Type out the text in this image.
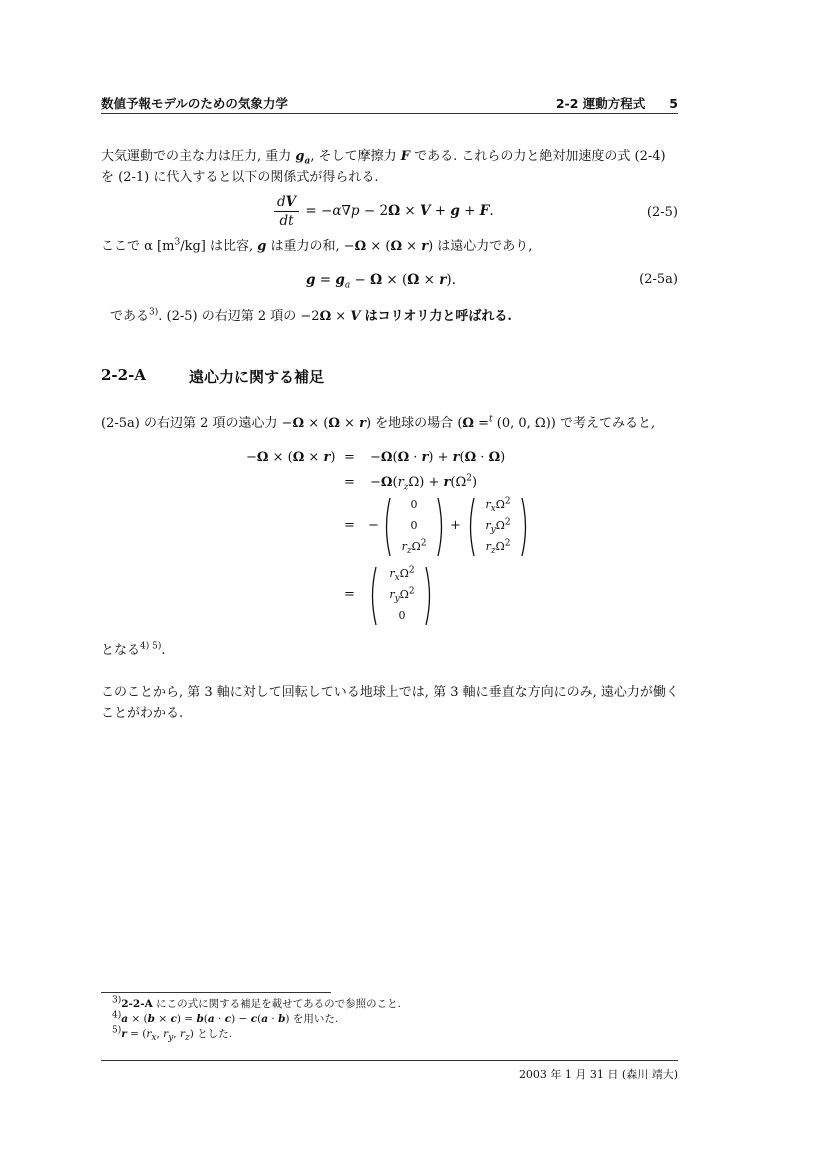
数値予報モデルのための気象力学	2-2 運動方程式 5
大気運動での主な力は圧力, 重力 $g_a$, そして摩擦力 F である. これらの力と絶対加速度の式 (2-4)
を (2-1) に代入すると以下の関係式が得られる.
$\frac{dV}{dt} = -\alpha\nabla p - 2\Omega \times V + g + F$.	(2-5)
ここで α $[m^3/kg]$ は比容, g は重力の和, −Ω × (Ω × r) は遠心力であり,
$g = g_a - \Omega \times (\Omega \times r)$.	(2-5a)
である$^{3)}$. (2-5) の右辺第 2 項の −2Ω × V はコリオリ力と呼ばれる.
2-2-A	遠心力に関する補足
(2-5a) の右辺第 2 項の遠心力 −Ω × (Ω × r) を地球の場合 (Ω =$^t$ (0, 0, Ω)) で考えてみると,
−Ω × (Ω × r) = −Ω(Ω · r) + r(Ω · Ω)
= $-\Omega(r_z\Omega) + r(\Omega^2)$
= −
0
0
$r_z\Omega^2$
+
$r_x\Omega^2$
$r_y\Omega^2$
$r_z\Omega^2$
=
$r_x\Omega^2$
$r_y\Omega^2$
0
となる$^{4) 5)}$.
このことから, 第 3 軸に対して回転している地球上では, 第 3 軸に垂直な方向にのみ, 遠心力が働く
ことがわかる.
$^{3)}$2-2-A にこの式に関する補足を載せてあるので参照のこと.
$^{4)}$a × (b × c) = b(a · c) − c(a · b) を用いた.
$^{5)}r = (r_x$, $r_y$, $r_z$) とした.
2003 年 1 月 31 日 (森川 靖大)
